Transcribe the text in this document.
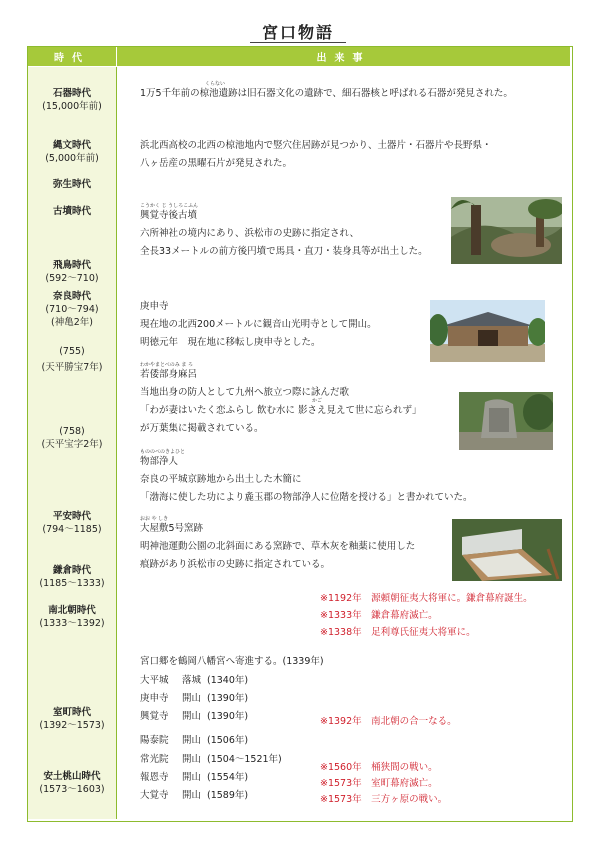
宮口物語
時代	出来事
石器時代
(15,000年前)
縄文時代
(5,000年前)
弥生時代
古墳時代
飛鳥時代
(592〜710)
奈良時代
(710〜794)
(神亀2年)
(755)
(天平勝宝7年)
(758)
(天平宝字2年)
平安時代
(794〜1185)
鎌倉時代
(1185〜1333)
南北朝時代
(1333〜1392)
室町時代
(1392〜1573)
安土桃山時代
(1573〜1603)
くらない
1万5千年前の椋池遺跡は旧石器文化の遺跡で、細石器核と呼ばれる石器が発見された。
浜北西高校の北西の椋池地内で竪穴住居跡が見つかり、土器片・石器片や長野県・
八ヶ岳産の黒曜石片が発見された。
こうかく じ うしろこふん
興覚寺後古墳
六所神社の境内にあり、浜松市の史跡に指定され、
全長33メートルの前方後円墳で馬具・直刀・装身具等が出土した。
庚申寺
現在地の北西200メートルに観音山光明寺として開山。
明徳元年　現在地に移転し庚申寺とした。
わかやまとべのみ ま ろ
若倭部身麻呂
当地出身の防人として九州へ旅立つ際に詠んだ歌
かご
「わが妻はいたく恋ふらし 飲む水に 影さえ見えて世に忘られず」
が万葉集に掲載されている。
もののべのきよひと
物部浄人
奈良の平城京跡地から出土した木簡に
「渤海に使した功により麁玉郡の物部浄人に位階を授ける」と書かれていた。
おお や しき
大屋敷5号窯跡
明神池運動公園の北斜面にある窯跡で、草木灰を釉薬に使用した
痕跡があり浜松市の史跡に指定されている。
※1192年　源頼朝征夷大将軍に。鎌倉幕府誕生。
※1333年　鎌倉幕府滅亡。
※1338年　足利尊氏征夷大将軍に。
宮口郷を鶴岡八幡宮へ寄進する。(1339年)
大平城 落城 (1340年)
庚申寺 開山 (1390年)
興覚寺 開山 (1390年)
陽泰院 開山 (1506年)
常光院 開山 (1504〜1521年)
報恩寺 開山 (1554年)
大覚寺 開山 (1589年)
※1392年　南北朝の合一なる。
※1560年　桶狭間の戦い。
※1573年　室町幕府滅亡。
※1573年　三方ヶ原の戦い。
